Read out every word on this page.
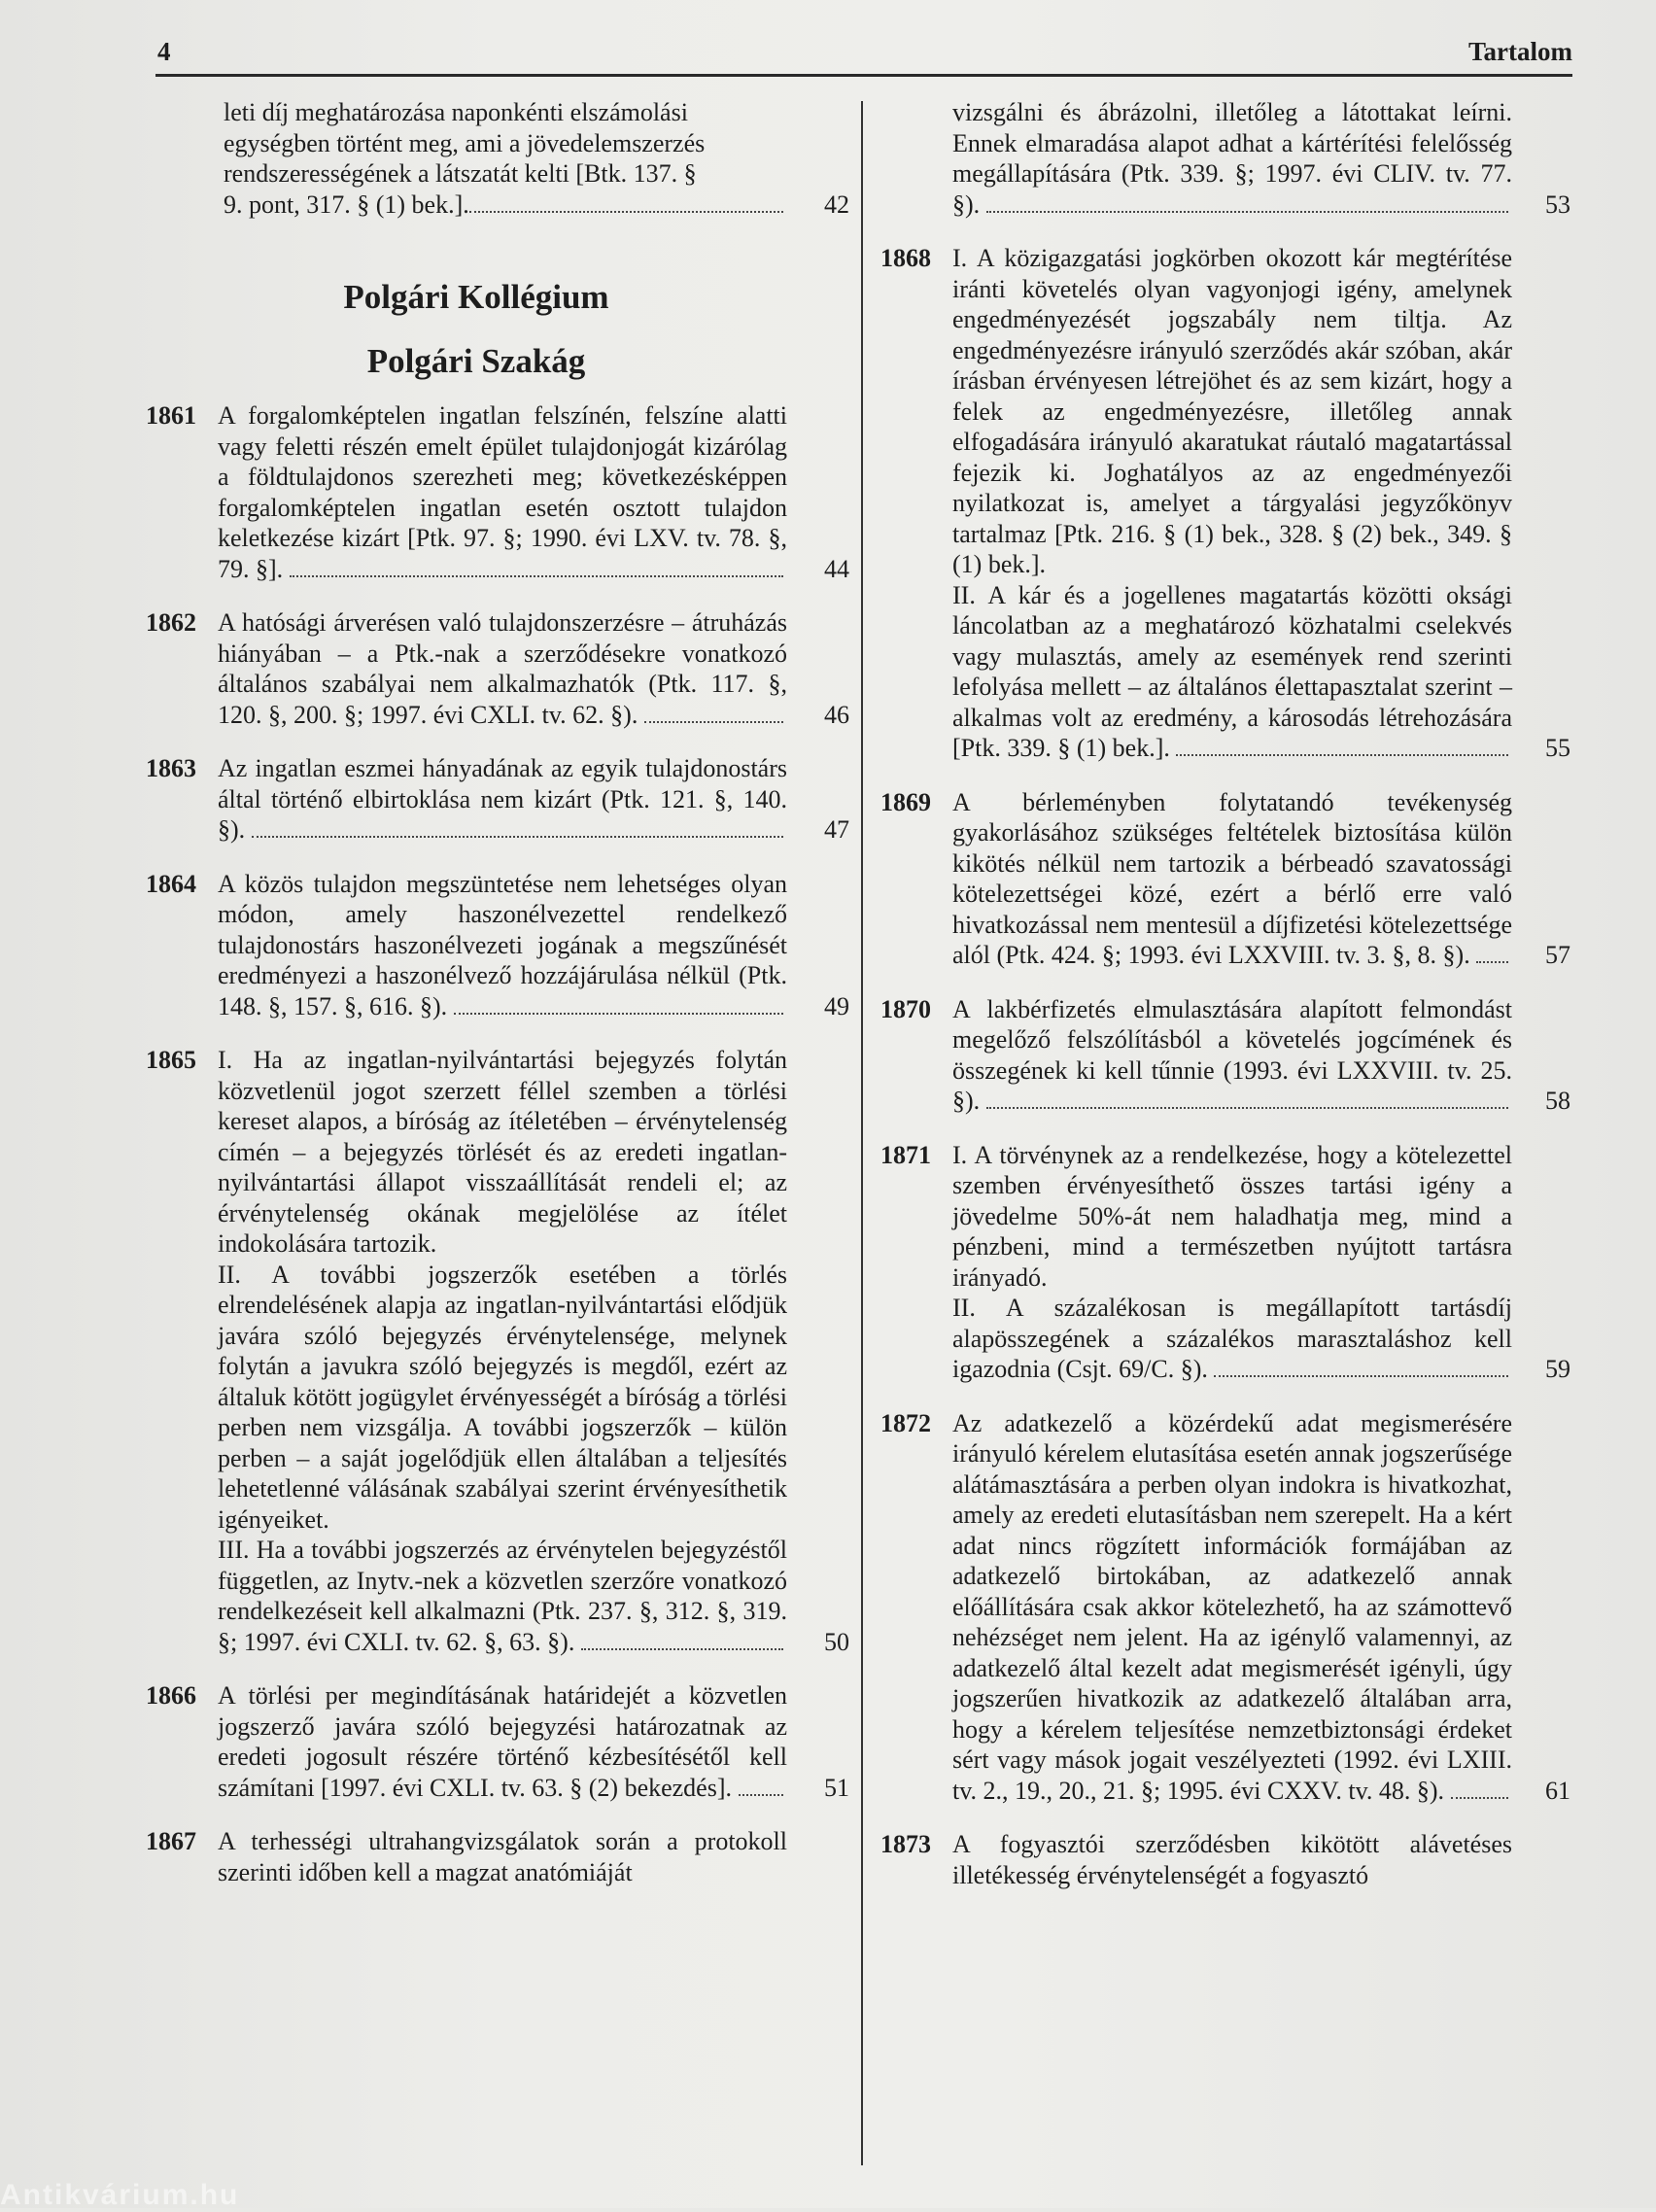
4	Tartalom

leti díj meghatározása naponkénti elszámolási

egységben történt meg, ami a jövedelemszerzés

rendszerességének a látszatát kelti [Btk. 137. §

9. pont, 317. § (1) bek.].	42
Polgári Kollégium
Polgári Szakág
1861 A forgalomképtelen ingatlan felszínén, felszíne alatti vagy feletti részén emelt épület tulajdonjogát kizárólag a földtulajdonos szerezheti meg; következésképpen forgalomképtelen ingatlan esetén osztott tulajdon keletkezése kizárt [Ptk. 97. §; 1990. évi LXV. tv. 78. §, 79. §].	44
1862 A hatósági árverésen való tulajdonszerzésre – átruházás hiányában – a Ptk.-nak a szerződésekre vonatkozó általános szabályai nem alkalmazhatók (Ptk. 117. §, 120. §, 200. §; 1997. évi CXLI. tv. 62. §).	46
1863 Az ingatlan eszmei hányadának az egyik tulajdonostárs által történő elbirtoklása nem kizárt (Ptk. 121. §, 140. §).	47
1864 A közös tulajdon megszüntetése nem lehetséges olyan módon, amely haszonélvezettel rendelkező tulajdonostárs haszonélvezeti jogának a megszűnését eredményezi a haszonélvező hozzájárulása nélkül (Ptk. 148. §, 157. §, 616. §).	49
1865 I. Ha az ingatlan-nyilvántartási bejegyzés folytán közvetlenül jogot szerzett féllel szemben a törlési kereset alapos, a bíróság az ítéletében – érvénytelenség címén – a bejegyzés törlését és az eredeti ingatlan-nyilvántartási állapot visszaállítását rendeli el; az érvénytelenség okának megjelölése az ítélet indokolására tartozik.

II. A további jogszerzők esetében a törlés elrendelésének alapja az ingatlan-nyilvántartási elődjük javára szóló bejegyzés érvénytelensége, melynek folytán a javukra szóló bejegyzés is megdől, ezért az általuk kötött jogügylet érvényességét a bíróság a törlési perben nem vizsgálja. A további jogszerzők – külön perben – a saját jogelődjük ellen általában a teljesítés lehetetlenné válásának szabályai szerint érvényesíthetik igényeiket.

III. Ha a további jogszerzés az érvénytelen bejegyzéstől független, az Inytv.-nek a közvetlen szerzőre vonatkozó rendelkezéseit kell alkalmazni (Ptk. 237. §, 312. §, 319. §; 1997. évi CXLI. tv. 62. §, 63. §).	50
1866 A törlési per megindításának határidejét a közvetlen jogszerző javára szóló bejegyzési határozatnak az eredeti jogosult részére történő kézbesítésétől kell számítani [1997. évi CXLI. tv. 63. § (2) bekezdés].	51
1867 A terhességi ultrahangvizsgálatok során a protokoll szerinti időben kell a magzat anatómiáját

vizsgálni és ábrázolni, illetőleg a látottakat leírni. Ennek elmaradása alapot adhat a kártérítési felelősség megállapítására (Ptk. 339. §; 1997. évi CLIV. tv. 77. §).	53
1868 I. A közigazgatási jogkörben okozott kár megtérítése iránti követelés olyan vagyonjogi igény, amelynek engedményezését jogszabály nem tiltja. Az engedményezésre irányuló szerződés akár szóban, akár írásban érvényesen létrejöhet és az sem kizárt, hogy a felek az engedményezésre, illetőleg annak elfogadására irányuló akaratukat ráutaló magatartással fejezik ki. Joghatályos az az engedményezői nyilatkozat is, amelyet a tárgyalási jegyzőkönyv tartalmaz [Ptk. 216. § (1) bek., 328. § (2) bek., 349. § (1) bek.].

II. A kár és a jogellenes magatartás közötti oksági láncolatban az a meghatározó közhatalmi cselekvés vagy mulasztás, amely az események rend szerinti lefolyása mellett – az általános élettapasztalat szerint – alkalmas volt az eredmény, a károsodás létrehozására [Ptk. 339. § (1) bek.].	55
1869 A bérleményben folytatandó tevékenység gyakorlásához szükséges feltételek biztosítása külön kikötés nélkül nem tartozik a bérbeadó szavatossági kötelezettségei közé, ezért a bérlő erre való hivatkozással nem mentesül a díjfizetési kötelezettsége alól (Ptk. 424. §; 1993. évi LXXVIII. tv. 3. §, 8. §).	57
1870 A lakbérfizetés elmulasztására alapított felmondást megelőző felszólításból a követelés jogcímének és összegének ki kell tűnnie (1993. évi LXXVIII. tv. 25. §).	58
1871 I. A törvénynek az a rendelkezése, hogy a kötelezettel szemben érvényesíthető összes tartási igény a jövedelme 50%-át nem haladhatja meg, mind a pénzbeni, mind a természetben nyújtott tartásra irányadó.

II. A százalékosan is megállapított tartásdíj alapösszegének a százalékos marasztaláshoz kell igazodnia (Csjt. 69/C. §).	59
1872 Az adatkezelő a közérdekű adat megismerésére irányuló kérelem elutasítása esetén annak jogszerűsége alátámasztására a perben olyan indokra is hivatkozhat, amely az eredeti elutasításban nem szerepelt. Ha a kért adat nincs rögzített információk formájában az adatkezelő birtokában, az adatkezelő annak előállítására csak akkor kötelezhető, ha az számottevő nehézséget nem jelent. Ha az igénylő valamennyi, az adatkezelő által kezelt adat megismerését igényli, úgy jogszerűen hivatkozik az adatkezelő általában arra, hogy a kérelem teljesítése nemzetbiztonsági érdeket sért vagy mások jogait veszélyezteti (1992. évi LXIII. tv. 2., 19., 20., 21. §; 1995. évi CXXV. tv. 48. §).	61
1873 A fogyasztói szerződésben kikötött alávetéses illetékesség érvénytelenségét a fogyasztó

Antikvárium.hu
